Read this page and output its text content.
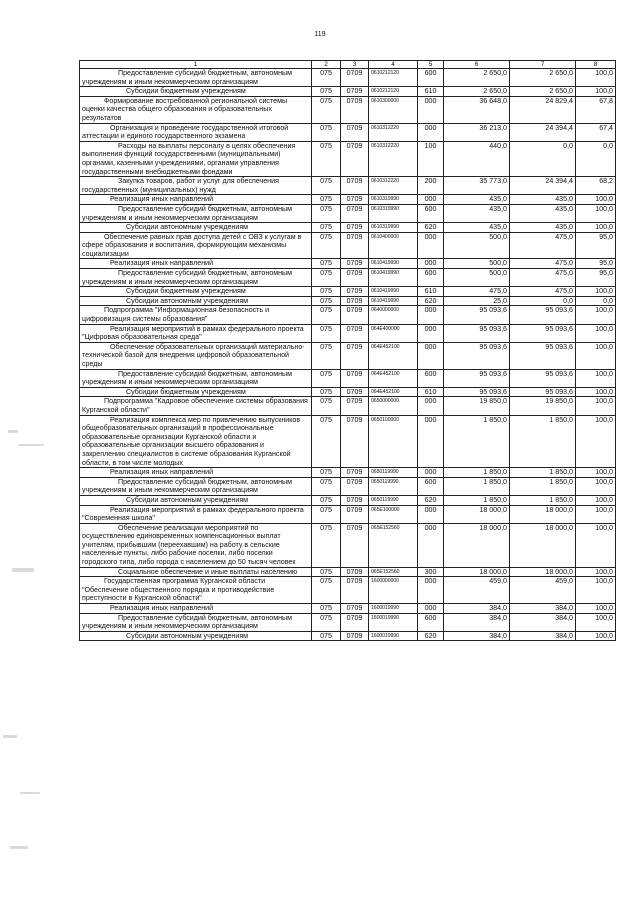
119
1	2	3	4	5	6	7	8

Предоставление субсидий бюджетным, автономным учреждениям и иным некоммерческим организациям	075	0709	0610212120	600	2 650,0	2 650,0	100,0

Субсидии бюджетным учреждениям	075	0709	0610212120	610	2 650,0	2 650,0	100,0

Формирование востребованной региональной системы оценки качества общего образования и образовательных результатов	075	0709	0610300000	000	36 648,0	24 829,4	67,8

Организация и проведение государственной итоговой аттестации и единого государственного экзамена	075	0709	0610312220	000	36 213,0	24 394,4	67,4

Расходы на выплаты персоналу в целях обеспечения выполнения функций государственными (муниципальными) органами, казенными учреждениями, органами управления государственными внебюджетными фондами	075	0709	0610312220	100	440,0	0,0	0,0

Закупка товаров, работ и услуг для обеспечения государственных (муниципальных) нужд	075	0709	0610312220	200	35 773,0	24 394,4	68,2

Реализация иных направлений	075	0709	0610319990	000	435,0	435,0	100,0

Предоставление субсидий бюджетным, автономным учреждениям и иным некоммерческим организациям	075	0709	0610319990	600	435,0	435,0	100,0

Субсидии автономным учреждениям	075	0709	0610319990	620	435,0	435,0	100,0

Обеспечение равных прав доступа детей с ОВЗ к услугам в сфере образования и воспитания, формирующим механизмы социализации	075	0709	0610400000	000	500,0	475,0	95,0

Реализация иных направлений	075	0709	0610419990	000	500,0	475,0	95,0

Предоставление субсидий бюджетным, автономным учреждениям и иным некоммерческим организациям	075	0709	0610419990	600	500,0	475,0	95,0

Субсидии бюджетным учреждениям	075	0709	0610419990	610	475,0	475,0	100,0

Субсидии автономным учреждениям	075	0709	0610419990	620	25,0	0,0	0,0

Подпрограмма "Информационная безопасность и цифровизация системы образования"	075	0709	0640000000	000	95 093,6	95 093,6	100,0

Реализация мероприятий в рамках федерального проекта "Цифровая образовательная среда"	075	0709	064E400000	000	95 093,6	95 093,6	100,0

Обеспечение образовательных организаций материально-технической базой для внедрения цифровой образовательной среды	075	0709	064E452100	000	95 093,6	95 093,6	100,0

Предоставление субсидий бюджетным, автономным учреждениям и иным некоммерческим организациям	075	0709	064E452100	600	95 093,6	95 093,6	100,0

Субсидии бюджетным учреждениям	075	0709	064E452100	610	95 093,6	95 093,6	100,0

Подпрограмма "Кадровое обеспечение системы образования Курганской области"	075	0709	0650000000	000	19 850,0	19 850,0	100,0

Реализация комплекса мер по привлечению выпускников общеобразовательных организаций в профессиональные образовательные организации Курганской области и образовательные организации высшего образования и закреплению специалистов в системе образования Курганской области, в том числе молодых	075	0709	0650100000	000	1 850,0	1 850,0	100,0

Реализация иных направлений	075	0709	0650119990	000	1 850,0	1 850,0	100,0

Предоставление субсидий бюджетным, автономным учреждениям и иным некоммерческим организациям	075	0709	0650119990	600	1 850,0	1 850,0	100,0

Субсидии автономным учреждениям	075	0709	0650119990	620	1 850,0	1 850,0	100,0

Реализация мероприятий в рамках федерального проекта "Современная школа"	075	0709	065E100000	000	18 000,0	18 000,0	100,0

Обеспечение реализации мероприятий по осуществлению единовременных компенсационных выплат учителям, прибывшим (переехавшим) на работу в сельские населенные пункты, либо рабочие поселки, либо поселки городского типа, либо города с населением до 50 тысяч человек	075	0709	065E152560	000	18 000,0	18 000,0	100,0

Социальное обеспечение и иные выплаты населению	075	0709	065E152560	300	18 000,0	18 000,0	100,0

Государственная программа Курганской области "Обеспечение общественного порядка и противодействие преступности в Курганской области"	075	0709	1600000000	000	459,0	459,0	100,0

Реализация иных направлений	075	0709	1600019990	000	384,0	384,0	100,0

Предоставление субсидий бюджетным, автономным учреждениям и иным некоммерческим организациям	075	0709	1600019990	600	384,0	384,0	100,0

Субсидии автономным учреждениям	075	0709	1600019990	620	384,0	384,0	100,0
